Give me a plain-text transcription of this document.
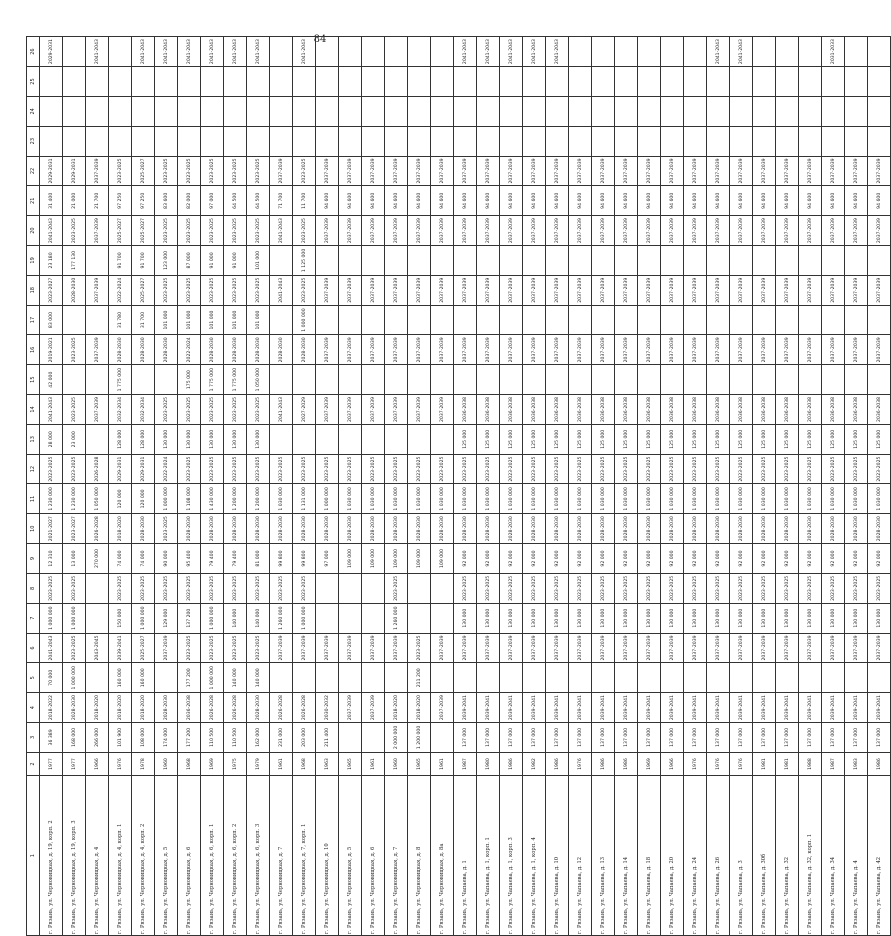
84
1	2	3	4	5	6	7	8	9	10	11	12	13	14	15	16	17	18	19	20	21	22	23	24	25	26
г. Рязань, ул. Черновицкая, д. 19, корп. 2	1977	36 389	2018-2022	70 000	2041-2043	1 000 000	2023-2025	12 310	2021-2027	1 230 000	2023-2025	28 000	2041-2043	42 000	2019-2021	83 000	2023-2027	23 180	2041-2043	31 400	2029-2031				2029-2031
г. Рязань, ул. Черновицкая, д. 19, корп. 3	1977	168 000	2028-2030	1 000 000	2023-2025	1 000 000	2023-2025	13 000	2023-2027	1 230 000	2023-2025	23 000	2023-2025		2023-2025		2028-2030	177 130	2023-2025	21 000	2029-2031				
г. Рязань, ул. Черновицкая, д. 4	1966	266 000	2018-2020		2043-2045			270 000	2026-2028	1 050 000	2026-2028		2037-2039		2037-2039		2037-2039		2037-2039	21 700	2037-2039				2041-2043
г. Рязань, ул. Черновицкая, д. 4, корп. 1	1976	101 900	2018-2020	160 000	2039-2041	150 000	2023-2025	74 000	2018-2020	120 000	2029-2031	128 000	2032-2034	1 775 000	2028-2030	31 780	2022-2024	91 700	2025-2027	97 250	2023-2025				
г. Рязань, ул. Черновицкая, д. 4, корп. 2	1978	108 000	2018-2020	160 000	2025-2027	1 000 000	2023-2025	74 000	2028-2030	120 000	2029-2031	128 000	2032-2034		2028-2030	31 700	2025-2027	91 700	2025-2027	97 250	2025-2027				2041-2043
г. Рязань, ул. Черновицкая, д. 5	1960	174 000	2028-2030		2037-2039	129 000	2023-2025	90 000	2023-2025	1 000 000	2022-2024	130 000	2023-2025		2028-2030	101 000	2023-2025	123 000	2023-2025	83 600	2023-2025				2041-2043
г. Рязань, ул. Черновицкая, д. 6	1968	177 200	2036-2038	177 200	2023-2025	137 200	2023-2025	95 400	2028-2030	1 108 000	2023-2025	130 000	2023-2025	175 000	2022-2024	101 000	2023-2025	87 000	2023-2025	82 000	2023-2025				2041-2043
г. Рязань, ул. Черновицкая, д. 6, корп. 1	1969	110 500	2026-2028	1 000 000	2023-2025	1 000 000	2023-2025	79 400	2028-2030	1 430 000	2023-2025	130 000	2023-2025	1 775 000	2028-2030	101 000	2023-2025	91 000	2023-2025	97 000	2023-2025				2041-2043
г. Рязань, ул. Черновицкая, д. 6, корп. 2	1975	110 500	2026-2028	140 000	2023-2025	140 000	2023-2025	79 400	2028-2030	1 200 000	2023-2025	130 000	2023-2025	1 775 000	2028-2030	101 000	2023-2025	91 000	2023-2025	64 500	2023-2025				2041-2043
г. Рязань, ул. Черновицкая, д. 6, корп. 3	1979	162 000	2028-2030	140 000	2023-2025	140 000	2023-2025	81 000	2028-2030	1 200 000	2023-2025	130 000	2023-2025	1 050 000	2028-2030	101 000	2023-2025	101 000	2023-2025	64 500	2023-2025				2041-2043
г. Рязань, ул. Черновицкая, д. 7	1961	231 000	2026-2028		2037-2039	1 260 000	2023-2025	99 800	2028-2030	1 030 000	2023-2025		2041-2043		2028-2030		2041-2043		2041-2043	71 700	2037-2039				
г. Рязань, ул. Черновицкая, д. 7, корп. 1	1968	203 000	2026-2028		2037-2039	1 000 000	2023-2025	99 800	2028-2030	1 131 000	2023-2025		2027-2029		2028-2030	1 000 000	2023-2025	1 125 000	2023-2025	11 700	2023-2025				2041-2043
г. Рязань, ул. Черновицкая, д. 10	1963	211 400	2030-2032		2037-2039			97 000	2028-2030	1 000 000	2023-2025		2037-2039		2037-2039		2037-2039		2037-2039	94 600	2037-2039				
г. Рязань, ул. Черновицкая, д. 5	1965		2037-2039		2037-2039			109 000	2028-2030	1 030 000	2023-2025		2037-2039		2037-2039		2037-2039		2037-2039	94 600	2037-2039				
г. Рязань, ул. Черновицкая, д. 6	1961		2037-2039		2037-2039			109 000	2028-2030	1 030 000	2023-2025		2037-2039		2037-2039		2037-2039		2037-2039	94 600	2037-2039				
г. Рязань, ул. Черновицкая, д. 7	1960	2 000 000	2018-2020		2037-2039	1 260 000	2023-2025	109 000	2028-2030	1 030 000	2023-2025		2037-2039		2037-2039		2037-2039		2037-2039	94 600	2037-2039				
г. Рязань, ул. Черновицкая, д. 8	1965	1 200 000	2018-2020	211 200	2023-2025			109 000	2028-2030	1 030 000	2023-2025		2037-2039		2037-2039		2037-2039		2037-2039	94 600	2037-2039				
г. Рязань, ул. Черновицкая, д. 8а	1961		2037-2039		2037-2039			109 000	2028-2030	1 030 000	2023-2025		2037-2039		2037-2039		2037-2039		2037-2039	94 600	2037-2039				
г. Рязань, ул. Чапаева, д. 1	1987	137 000	2039-2041		2037-2039	130 000	2023-2025	92 000	2028-2030	1 030 000	2023-2025	125 000	2036-2038		2037-2039		2037-2039		2037-2039	94 600	2037-2039				2041-2043
г. Рязань, ул. Чапаева, д. 1, корп. 1	1980	137 000	2039-2041		2037-2039	130 000	2023-2025	92 000	2028-2030	1 030 000	2023-2025	125 000	2036-2038		2037-2039		2037-2039		2037-2039	94 600	2037-2039				2041-2043
г. Рязань, ул. Чапаева, д. 1, корп. 3	1986	137 000	2039-2041		2037-2039	130 000	2023-2025	92 000	2028-2030	1 030 000	2023-2025	125 000	2036-2038		2037-2039		2037-2039		2037-2039	94 600	2037-2039				2041-2043
г. Рязань, ул. Чапаева, д. 1, корп. 4	1982	137 000	2039-2041		2037-2039	130 000	2023-2025	92 000	2028-2030	1 030 000	2023-2025	125 000	2036-2038		2037-2039		2037-2039		2037-2039	94 600	2037-2039				2041-2043
г. Рязань, ул. Чапаева, д. 10	1986	137 000	2039-2041		2037-2039	130 000	2023-2025	92 000	2028-2030	1 030 000	2023-2025	125 000	2036-2038		2037-2039		2037-2039		2037-2039	94 600	2037-2039				2041-2043
г. Рязань, ул. Чапаева, д. 12	1976	137 000	2039-2041		2037-2039	130 000	2023-2025	92 000	2028-2030	1 030 000	2023-2025	125 000	2036-2038		2037-2039		2037-2039		2037-2039	94 600	2037-2039				
г. Рязань, ул. Чапаева, д. 13	1986	137 000	2039-2041		2037-2039	130 000	2023-2025	92 000	2028-2030	1 030 000	2023-2025	125 000	2036-2038		2037-2039		2037-2039		2037-2039	94 600	2037-2039				
г. Рязань, ул. Чапаева, д. 14	1986	137 000	2039-2041		2037-2039	130 000	2023-2025	92 000	2028-2030	1 030 000	2023-2025	125 000	2036-2038		2037-2039		2037-2039		2037-2039	94 600	2037-2039				
г. Рязань, ул. Чапаева, д. 18	1969	137 000	2039-2041		2037-2039	130 000	2023-2025	92 000	2028-2030	1 030 000	2023-2025	125 000	2036-2038		2037-2039		2037-2039		2037-2039	94 600	2037-2039				
г. Рязань, ул. Чапаева, д. 20	1966	137 000	2039-2041		2037-2039	130 000	2023-2025	92 000	2028-2030	1 030 000	2023-2025	125 000	2036-2038		2037-2039		2037-2039		2037-2039	94 600	2037-2039				
г. Рязань, ул. Чапаева, д. 24	1976	137 000	2039-2041		2037-2039	130 000	2023-2025	92 000	2028-2030	1 030 000	2023-2025	125 000	2036-2038		2037-2039		2037-2039		2037-2039	94 600	2037-2039				
г. Рязань, ул. Чапаева, д. 26	1976	137 000	2039-2041		2037-2039	130 000	2023-2025	92 000	2028-2030	1 030 000	2023-2025	125 000	2036-2038		2037-2039		2037-2039		2037-2039	94 600	2037-2039				2041-2043
г. Рязань, ул. Чапаева, д. 3	1976	137 000	2039-2041		2037-2039	130 000	2023-2025	92 000	2028-2030	1 030 000	2023-2025	125 000	2036-2038		2037-2039		2037-2039		2037-2039	94 600	2037-2039				2041-2043
г. Рязань, ул. Чапаева, д. 30б	1981	137 000	2039-2041		2037-2039	130 000	2023-2025	92 000	2028-2030	1 030 000	2023-2025	125 000	2036-2038		2037-2039		2037-2039		2037-2039	94 600	2037-2039				
г. Рязань, ул. Чапаева, д. 32	1981	137 000	2039-2041		2037-2039	130 000	2023-2025	92 000	2028-2030	1 030 000	2023-2025	125 000	2036-2038		2037-2039		2037-2039		2037-2039	94 600	2037-2039				
г. Рязань, ул. Чапаева, д. 32, корп. 1	1988	137 000	2039-2041		2037-2039	130 000	2023-2025	92 000	2028-2030	1 030 000	2023-2025	125 000	2036-2038		2037-2039		2037-2039		2037-2039	94 600	2037-2039				
г. Рязань, ул. Чапаева, д. 34	1987	137 000	2039-2041		2037-2039	130 000	2023-2025	92 000	2028-2030	1 030 000	2023-2025	125 000	2036-2038		2037-2039		2037-2039		2037-2039	94 600	2037-2039				2031-2033
г. Рязань, ул. Чапаева, д. 4	1983	137 000	2039-2041		2037-2039	130 000	2023-2025	92 000	2028-2030	1 030 000	2023-2025	125 000	2036-2038		2037-2039		2037-2039		2037-2039	94 600	2037-2039				
г. Рязань, ул. Чапаева, д. 42	1986	137 000	2039-2041		2037-2039	130 000	2023-2025	92 000	2028-2030	1 030 000	2023-2025	125 000	2036-2038		2037-2039		2037-2039		2037-2039	94 600	2037-2039				
